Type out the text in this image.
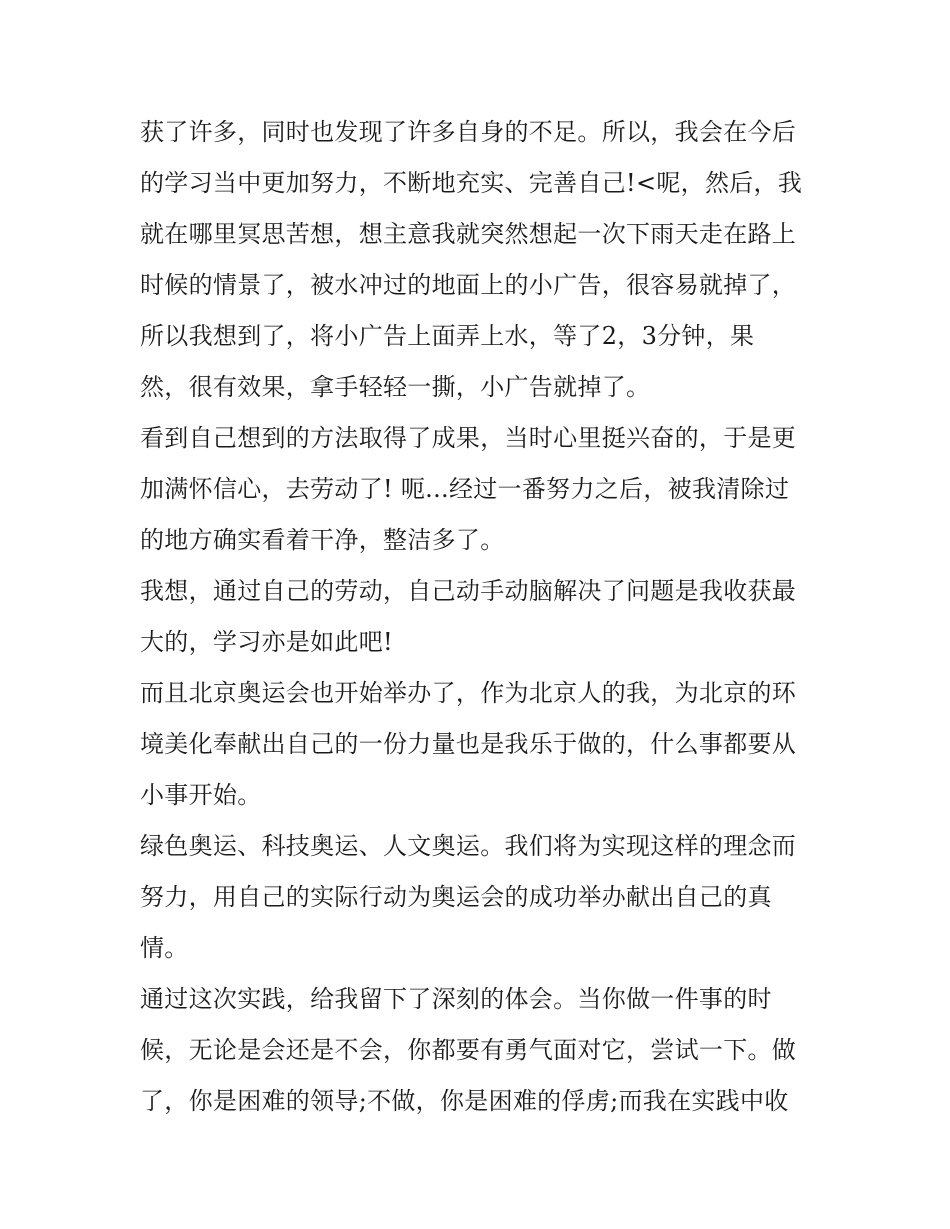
获了许多，同时也发现了许多自身的不足。所以，我会在今后
的学习当中更加努力，不断地充实、完善自己!<呢，然后，我
就在哪里冥思苦想，想主意我就突然想起一次下雨天走在路上
时候的情景了，被水冲过的地面上的小广告，很容易就掉了，
所以我想到了，将小广告上面弄上水，等了2，3分钟，果
然，很有效果，拿手轻轻一撕，小广告就掉了。
看到自己想到的方法取得了成果，当时心里挺兴奋的，于是更
加满怀信心，去劳动了! 呃...经过一番努力之后，被我清除过
的地方确实看着干净，整洁多了。
我想，通过自己的劳动，自己动手动脑解决了问题是我收获最
大的，学习亦是如此吧!
而且北京奥运会也开始举办了，作为北京人的我，为北京的环
境美化奉献出自己的一份力量也是我乐于做的，什么事都要从
小事开始。
绿色奥运、科技奥运、人文奥运。我们将为实现这样的理念而
努力，用自己的实际行动为奥运会的成功举办献出自己的真
情。
通过这次实践，给我留下了深刻的体会。当你做一件事的时
候，无论是会还是不会，你都要有勇气面对它，尝试一下。做
了，你是困难的领导;不做，你是困难的俘虏;而我在实践中收
